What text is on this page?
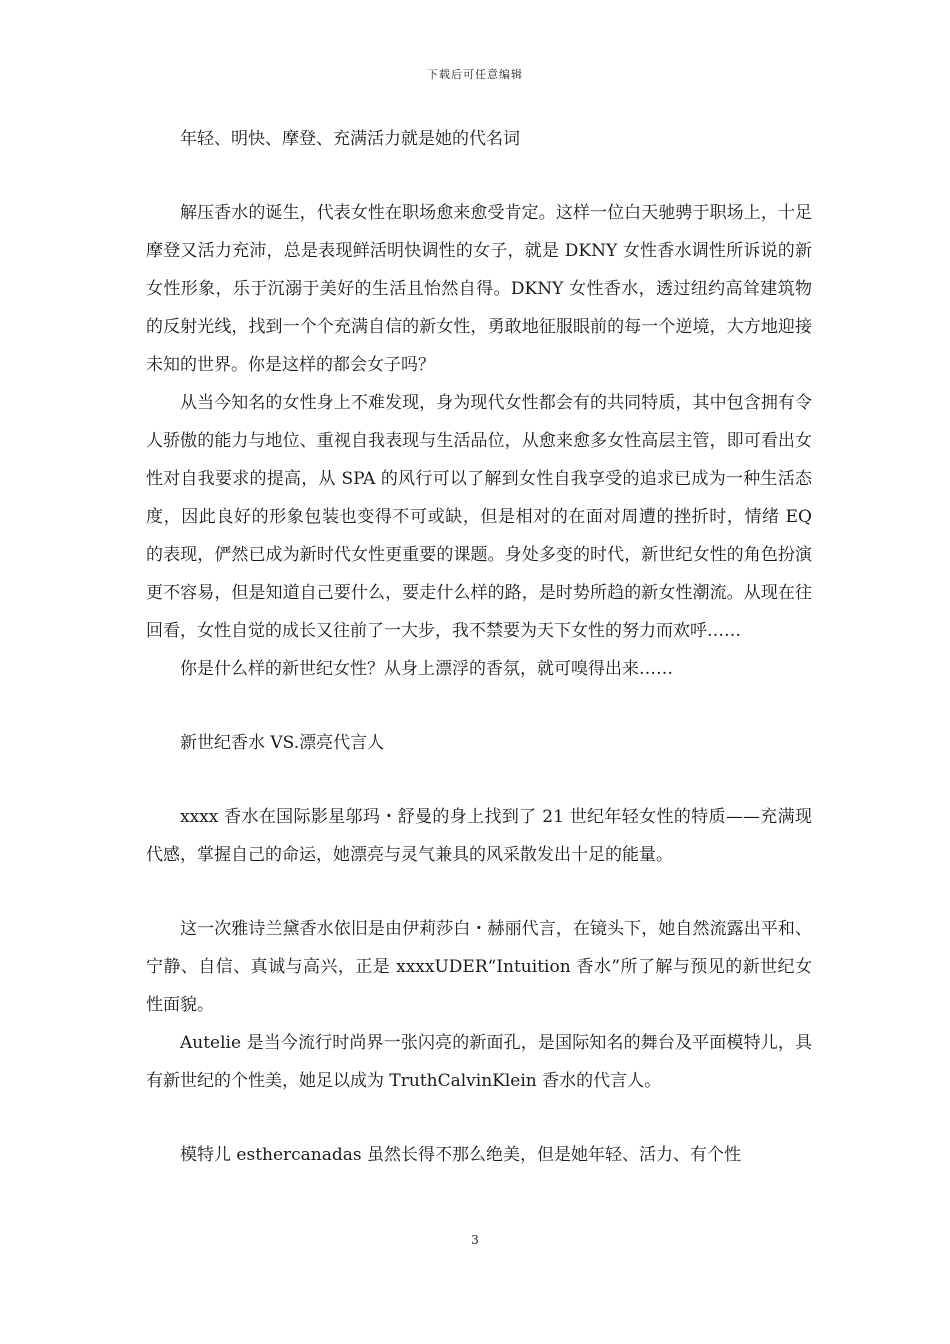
下载后可任意编辑

年轻、明快、摩登、充满活力就是她的代名词

解压香水的诞生，代表女性在职场愈来愈受肯定。这样一位白天驰骋于职场上，十足摩登又活力充沛，总是表现鲜活明快调性的女子，就是 DKNY 女性香水调性所诉说的新女性形象，乐于沉溺于美好的生活且怡然自得。DKNY 女性香水，透过纽约高耸建筑物的反射光线，找到一个个充满自信的新女性，勇敢地征服眼前的每一个逆境，大方地迎接未知的世界。你是这样的都会女子吗？

从当今知名的女性身上不难发现，身为现代女性都会有的共同特质，其中包含拥有令人骄傲的能力与地位、重视自我表现与生活品位，从愈来愈多女性高层主管，即可看出女性对自我要求的提高，从 SPA 的风行可以了解到女性自我享受的追求已成为一种生活态度，因此良好的形象包装也变得不可或缺，但是相对的在面对周遭的挫折时，情绪 EQ 的表现，俨然已成为新时代女性更重要的课题。身处多变的时代，新世纪女性的角色扮演更不容易，但是知道自己要什么，要走什么样的路，是时势所趋的新女性潮流。从现在往回看，女性自觉的成长又往前了一大步，我不禁要为天下女性的努力而欢呼……

你是什么样的新世纪女性？从身上漂浮的香氛，就可嗅得出来……

新世纪香水 VS.漂亮代言人

xxxx 香水在国际影星邬玛・舒曼的身上找到了 21 世纪年轻女性的特质——充满现代感，掌握自己的命运，她漂亮与灵气兼具的风采散发出十足的能量。

这一次雅诗兰黛香水依旧是由伊莉莎白・赫丽代言，在镜头下，她自然流露出平和、宁静、自信、真诚与高兴，正是 xxxxUDER“Intuition 香水”所了解与预见的新世纪女性面貌。

Autelie 是当今流行时尚界一张闪亮的新面孔，是国际知名的舞台及平面模特儿，具有新世纪的个性美，她足以成为 TruthCalvinKlein 香水的代言人。

模特儿 esthercanadas 虽然长得不那么绝美，但是她年轻、活力、有个性

3
